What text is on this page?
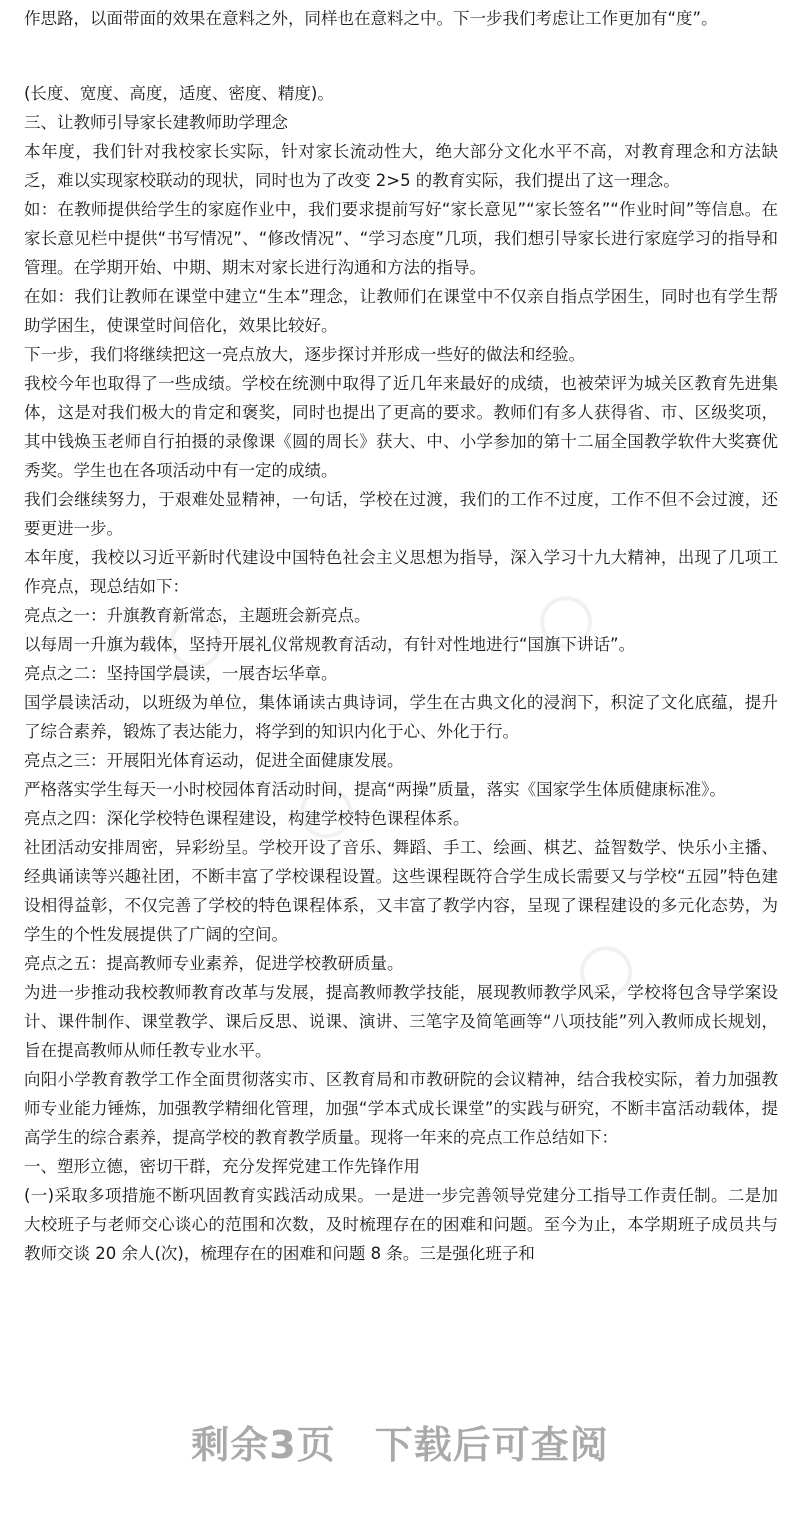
作思路，以面带面的效果在意料之外，同样也在意料之中。下一步我们考虑让工作更加有“度”。

(长度、宽度、高度，适度、密度、精度)。

三、让教师引导家长建教师助学理念

本年度，我们针对我校家长实际，针对家长流动性大，绝大部分文化水平不高，对教育理念和方法缺乏，难以实现家校联动的现状，同时也为了改变 2>5 的教育实际，我们提出了这一理念。

如：在教师提供给学生的家庭作业中，我们要求提前写好“家长意见”“家长签名”“作业时间”等信息。在家长意见栏中提供“书写情况”、“修改情况”、“学习态度”几项，我们想引导家长进行家庭学习的指导和管理。在学期开始、中期、期末对家长进行沟通和方法的指导。

在如：我们让教师在课堂中建立“生本”理念，让教师们在课堂中不仅亲自指点学困生，同时也有学生帮助学困生，使课堂时间倍化，效果比较好。

下一步，我们将继续把这一亮点放大，逐步探讨并形成一些好的做法和经验。

我校今年也取得了一些成绩。学校在统测中取得了近几年来最好的成绩，也被荣评为城关区教育先进集体，这是对我们极大的肯定和褒奖，同时也提出了更高的要求。教师们有多人获得省、市、区级奖项，其中钱焕玉老师自行拍摄的录像课《圆的周长》获大、中、小学参加的第十二届全国教学软件大奖赛优秀奖。学生也在各项活动中有一定的成绩。

我们会继续努力，于艰难处显精神，一句话，学校在过渡，我们的工作不过度，工作不但不会过渡，还要更进一步。

本年度，我校以习近平新时代建设中国特色社会主义思想为指导，深入学习十九大精神，出现了几项工作亮点，现总结如下：

亮点之一：升旗教育新常态，主题班会新亮点。

以每周一升旗为载体，坚持开展礼仪常规教育活动，有针对性地进行“国旗下讲话”。

亮点之二：坚持国学晨读，一展杏坛华章。

国学晨读活动，以班级为单位，集体诵读古典诗词，学生在古典文化的浸润下，积淀了文化底蕴，提升了综合素养，锻炼了表达能力，将学到的知识内化于心、外化于行。

亮点之三：开展阳光体育运动，促进全面健康发展。

严格落实学生每天一小时校园体育活动时间，提高“两操”质量，落实《国家学生体质健康标准》。

亮点之四：深化学校特色课程建设，构建学校特色课程体系。

社团活动安排周密，异彩纷呈。学校开设了音乐、舞蹈、手工、绘画、棋艺、益智数学、快乐小主播、经典诵读等兴趣社团，不断丰富了学校课程设置。这些课程既符合学生成长需要又与学校“五园”特色建设相得益彰，不仅完善了学校的特色课程体系，又丰富了教学内容，呈现了课程建设的多元化态势，为学生的个性发展提供了广阔的空间。

亮点之五：提高教师专业素养，促进学校教研质量。

为进一步推动我校教师教育改革与发展，提高教师教学技能，展现教师教学风采，学校将包含导学案设计、课件制作、课堂教学、课后反思、说课、演讲、三笔字及简笔画等“八项技能”列入教师成长规划，旨在提高教师从师任教专业水平。

向阳小学教育教学工作全面贯彻落实市、区教育局和市教研院的会议精神，结合我校实际，着力加强教师专业能力锤炼，加强教学精细化管理，加强“学本式成长课堂”的实践与研究，不断丰富活动载体，提高学生的综合素养，提高学校的教育教学质量。现将一年来的亮点工作总结如下：

一、塑形立德，密切干群，充分发挥党建工作先锋作用

(一)采取多项措施不断巩固教育实践活动成果。一是进一步完善领导党建分工指导工作责任制。二是加大校班子与老师交心谈心的范围和次数，及时梳理存在的困难和问题。至今为止，本学期班子成员共与教师交谈 20 余人(次)，梳理存在的困难和问题 8 条。三是强化班子和

剩余3页　下载后可查阅
